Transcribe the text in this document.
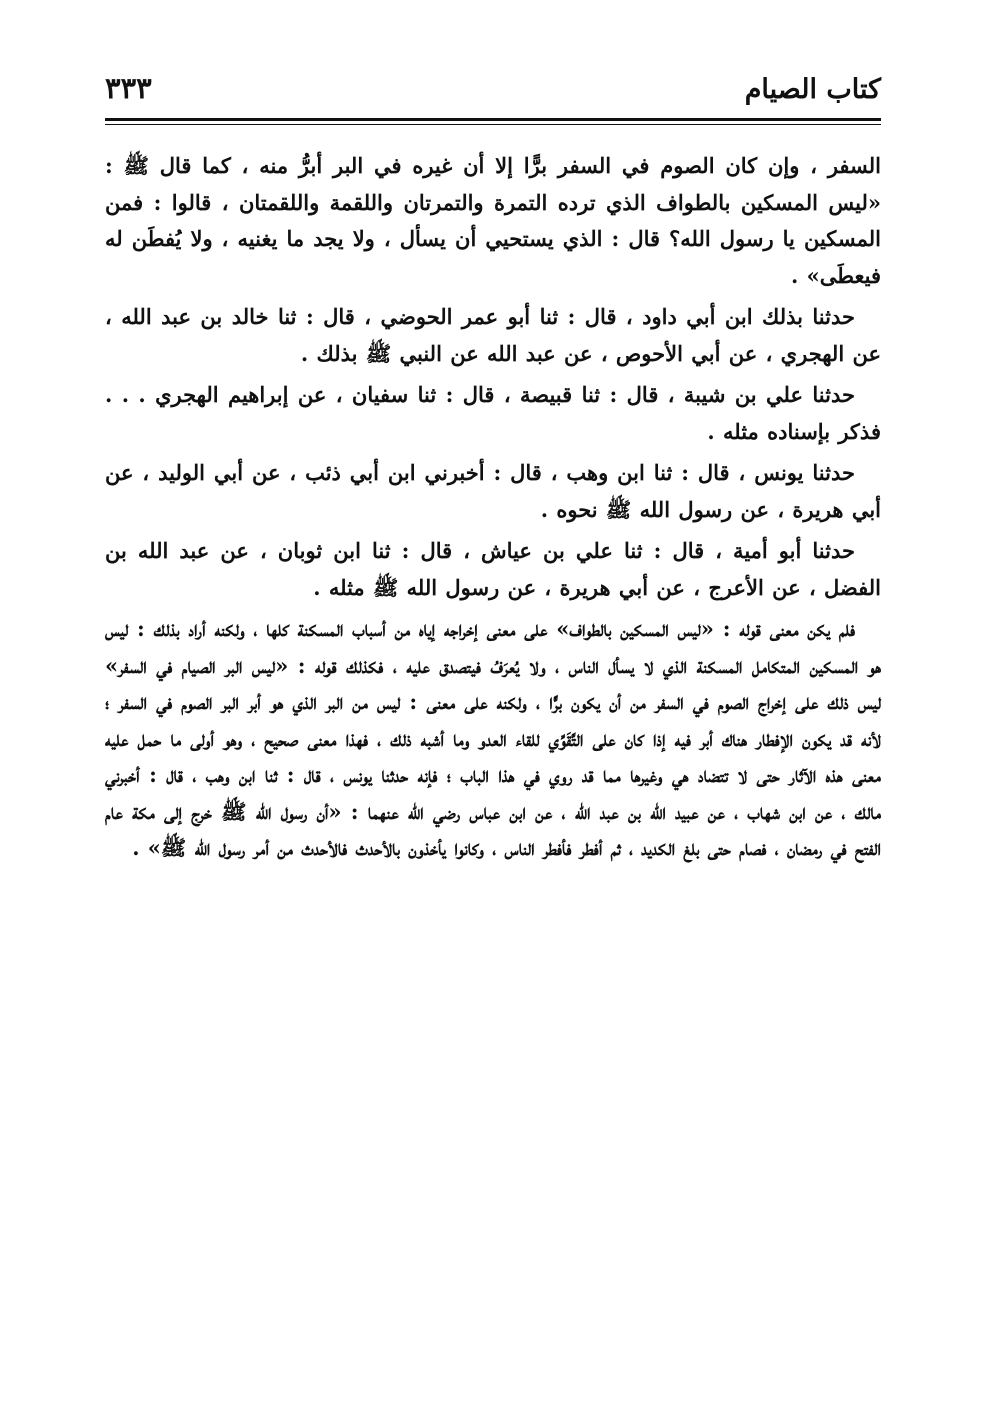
كتاب الصيام
٣٣٣

السفر ، وإن كان الصوم في السفر برًّا إلا أن غيره في البر أبرُّ منه ، كما قال ﷺ : «ليس المسكين بالطواف الذي ترده التمرة والتمرتان واللقمة واللقمتان ، قالوا : فمن المسكين يا رسول الله؟ قال : الذي يستحيي أن يسأل ، ولا يجد ما يغنيه ، ولا يُفطَن له فيعطَى» .

حدثنا بذلك ابن أبي داود ، قال : ثنا أبو عمر الحوضي ، قال : ثنا خالد بن عبد الله ، عن الهجري ، عن أبي الأحوص ، عن عبد الله عن النبي ﷺ بذلك .

حدثنا علي بن شيبة ، قال : ثنا قبيصة ، قال : ثنا سفيان ، عن إبراهيم الهجري . . . فذكر بإسناده مثله .

حدثنا يونس ، قال : ثنا ابن وهب ، قال : أخبرني ابن أبي ذئب ، عن أبي الوليد ، عن أبي هريرة ، عن رسول الله ﷺ نحوه .

حدثنا أبو أمية ، قال : ثنا علي بن عياش ، قال : ثنا ابن ثوبان ، عن عبد الله بن الفضل ، عن الأعرج ، عن أبي هريرة ، عن رسول الله ﷺ مثله .

فلم يكن معنى قوله : «ليس المسكين بالطواف» على معنى إخراجه إياه من أسباب المسكنة كلها ، ولكنه أراد بذلك : ليس هو المسكين المتكامل المسكنة الذي لا يسأل الناس ، ولا يُعرَفُ فيتصدق عليه ، فكذلك قوله : «ليس البر الصيام في السفر» ليس ذلك على إخراج الصوم في السفر من أن يكون برًّا ، ولكنه على معنى : ليس من البر الذي هو أبر البر الصوم في السفر ؛ لأنه قد يكون الإفطار هناك أبر فيه إذا كان على التَّقَوِّي للقاء العدو وما أشبه ذلك ، فهذا معنى صحيح ، وهو أولى ما حمل عليه معنى هذه الآثار حتى لا تتضاد هي وغيرها مما قد روي في هذا الباب ؛ فإنه حدثنا يونس ، قال : ثنا ابن وهب ، قال : أخبرني مالك ، عن ابن شهاب ، عن عبيد الله بن عبد الله ، عن ابن عباس رضي الله عنهما : «أن رسول الله ﷺ خرج إلى مكة عام الفتح في رمضان ، فصام حتى بلغ الكديد ، ثم أفطر فأفطر الناس ، وكانوا يأخذون بالأحدث فالأحدث من أمر رسول الله ﷺ» .
